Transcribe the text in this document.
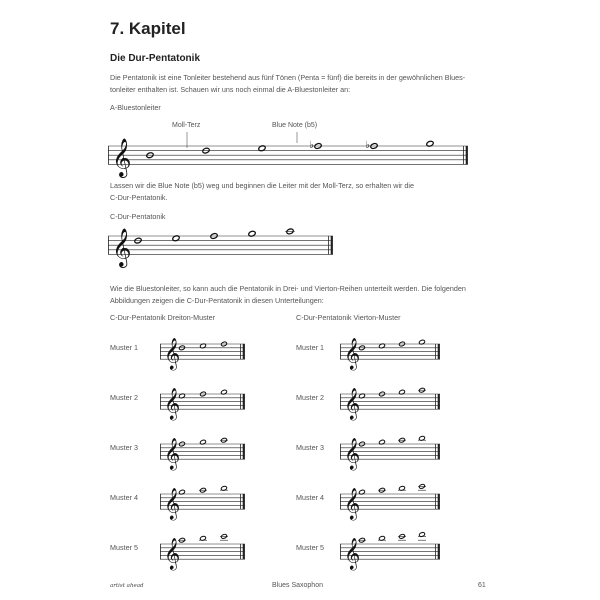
7. Kapitel
Die Dur-Pentatonik
Die Pentatonik ist eine Tonleiter bestehend aus fünf Tönen (Penta = fünf) die bereits in der gewöhnlichen Blues-
tonleiter enthalten ist. Schauen wir uns noch einmal die A-Bluestonleiter an:
A-Bluestonleiter
Moll-Terz	Blue Note (b5)
𝄞	♭	♭
Lassen wir die Blue Note (b5) weg und beginnen die Leiter mit der Moll-Terz, so erhalten wir die
C-Dur-Pentatonik.
C-Dur-Pentatonik
𝄞
Wie die Bluestonleiter, so kann auch die Pentatonik in Drei- und Vierton-Reihen unterteilt werden. Die folgenden
Abbildungen zeigen die C-Dur-Pentatonik in diesen Unterteilungen:
C-Dur-Pentatonik Dreiton-Muster	C-Dur-Pentatonik Vierton-Muster
Muster 1 𝄞
Muster 2 𝄞
Muster 3 𝄞
Muster 4 𝄞
Muster 5 𝄞
Muster 1 𝄞
Muster 2 𝄞
Muster 3 𝄞
Muster 4 𝄞
Muster 5 𝄞
artist ahead	Blues Saxophon	61
